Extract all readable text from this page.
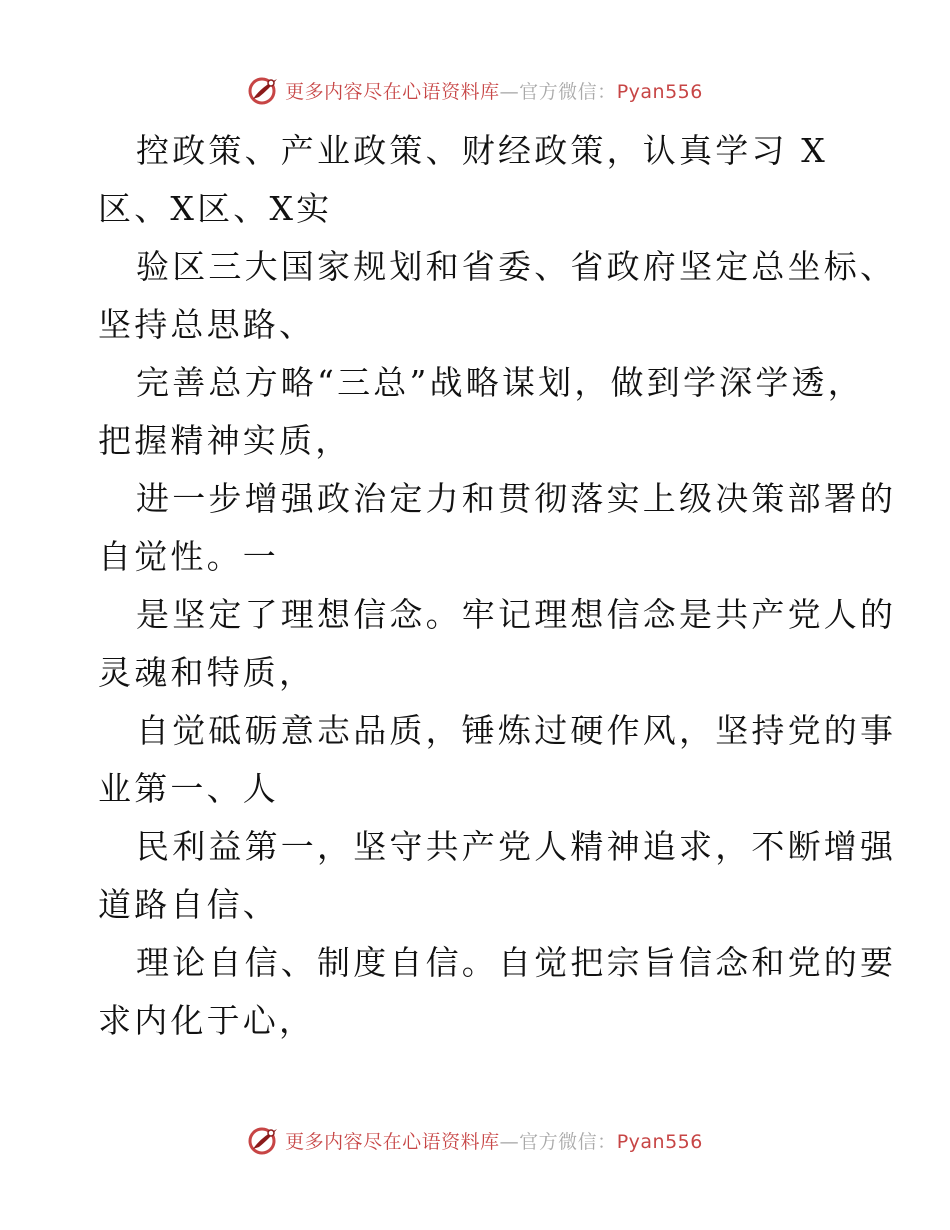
更多内容尽在心语资料库—官方微信：Pyan556
控政策、产业政策、财经政策，认真学习 X
区、X区、X实
验区三大国家规划和省委、省政府坚定总坐标、
坚持总思路、
完善总方略“三总”战略谋划，做到学深学透，
把握精神实质，
进一步增强政治定力和贯彻落实上级决策部署的
自觉性。一
是坚定了理想信念。牢记理想信念是共产党人的
灵魂和特质，
自觉砥砺意志品质，锤炼过硬作风，坚持党的事
业第一、人
民利益第一，坚守共产党人精神追求，不断增强
道路自信、
理论自信、制度自信。自觉把宗旨信念和党的要
求内化于心，
更多内容尽在心语资料库—官方微信：Pyan556
